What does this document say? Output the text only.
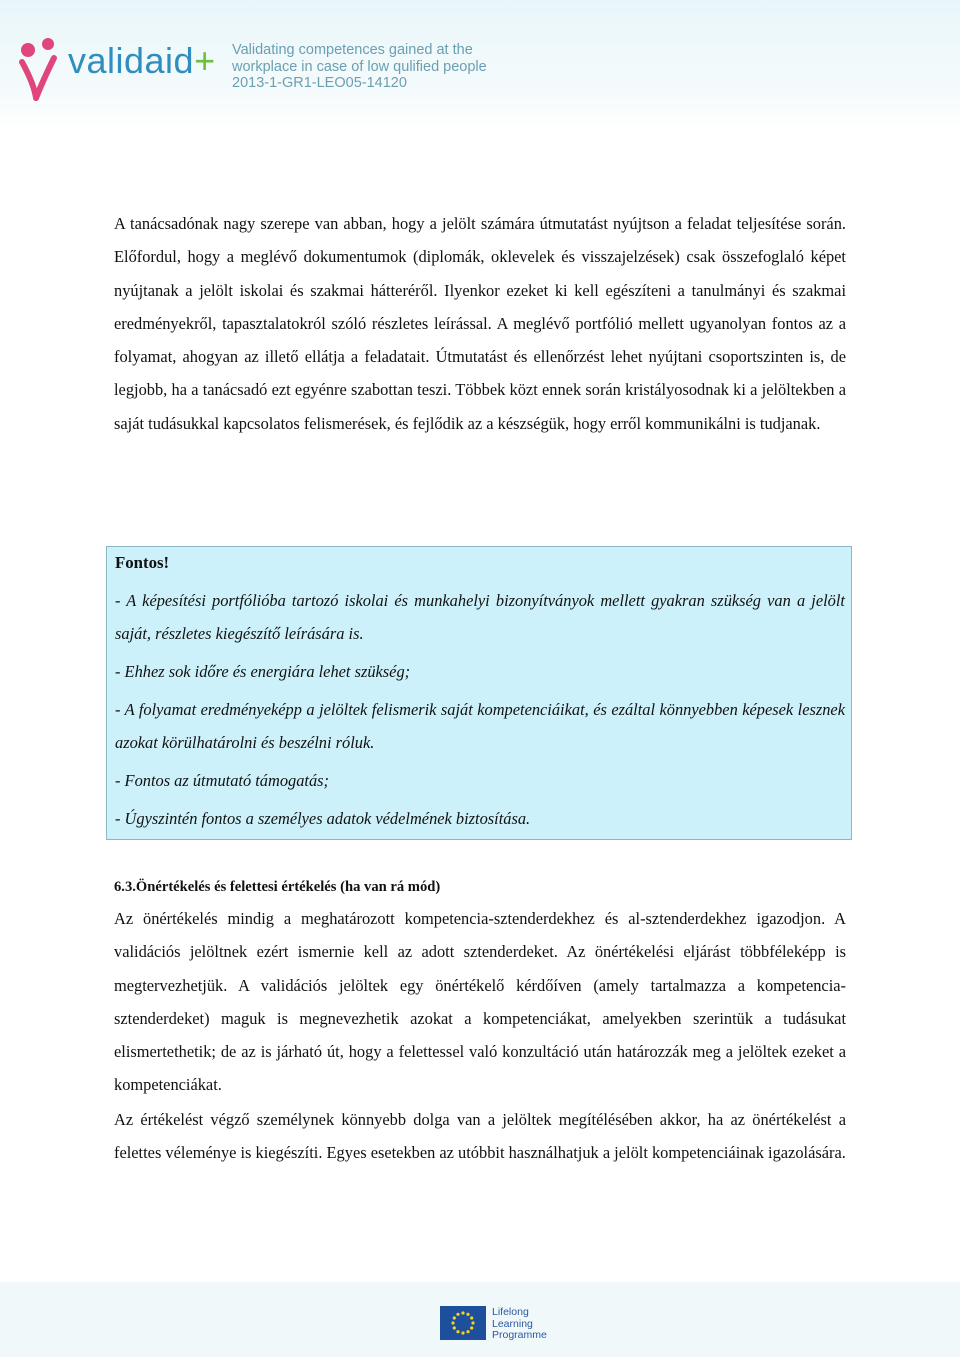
validaid+ Validating competences gained at the
workplace in case of low qulified people
2013-1-GR1-LEO05-14120

A tanácsadónak nagy szerepe van abban, hogy a jelölt számára útmutatást nyújtson a feladat teljesítése során. Előfordul, hogy a meglévő dokumentumok (diplomák, oklevelek és visszajelzések) csak összefoglaló képet nyújtanak a jelölt iskolai és szakmai hátteréről. Ilyenkor ezeket ki kell egészíteni a tanulmányi és szakmai eredményekről, tapasztalatokról szóló részletes leírással. A meglévő portfólió mellett ugyanolyan fontos az a folyamat, ahogyan az illető ellátja a feladatait. Útmutatást és ellenőrzést lehet nyújtani csoportszinten is, de legjobb, ha a tanácsadó ezt egyénre szabottan teszi. Többek közt ennek során kristályosodnak ki a jelöltekben a saját tudásukkal kapcsolatos felismerések, és fejlődik az a készségük, hogy erről kommunikálni is tudjanak.

Fontos!

- A képesítési portfólióba tartozó iskolai és munkahelyi bizonyítványok mellett gyakran szükség van a jelölt saját, részletes kiegészítő leírására is.

- Ehhez sok időre és energiára lehet szükség;

- A folyamat eredményeképp a jelöltek felismerik saját kompetenciáikat, és ezáltal könnyebben képesek lesznek azokat körülhatárolni és beszélni róluk.

- Fontos az útmutató támogatás;

- Úgyszintén fontos a személyes adatok védelmének biztosítása.

6.3.Önértékelés és felettesi értékelés (ha van rá mód)

Az önértékelés mindig a meghatározott kompetencia-sztenderdekhez és al-sztenderdekhez igazodjon. A validációs jelöltnek ezért ismernie kell az adott sztenderdeket. Az önértékelési eljárást többféleképp is megtervezhetjük. A validációs jelöltek egy önértékelő kérdőíven (amely tartalmazza a kompetencia-sztenderdeket) maguk is megnevezhetik azokat a kompetenciákat, amelyekben szerintük a tudásukat elismertethetik; de az is járható út, hogy a felettessel való konzultáció után határozzák meg a jelöltek ezeket a kompetenciákat.

Az értékelést végző személynek könnyebb dolga van a jelöltek megítélésében akkor, ha az önértékelést a felettes véleménye is kiegészíti. Egyes esetekben az utóbbit használhatjuk a jelölt kompetenciáinak igazolására.

Lifelong
Learning
Programme
